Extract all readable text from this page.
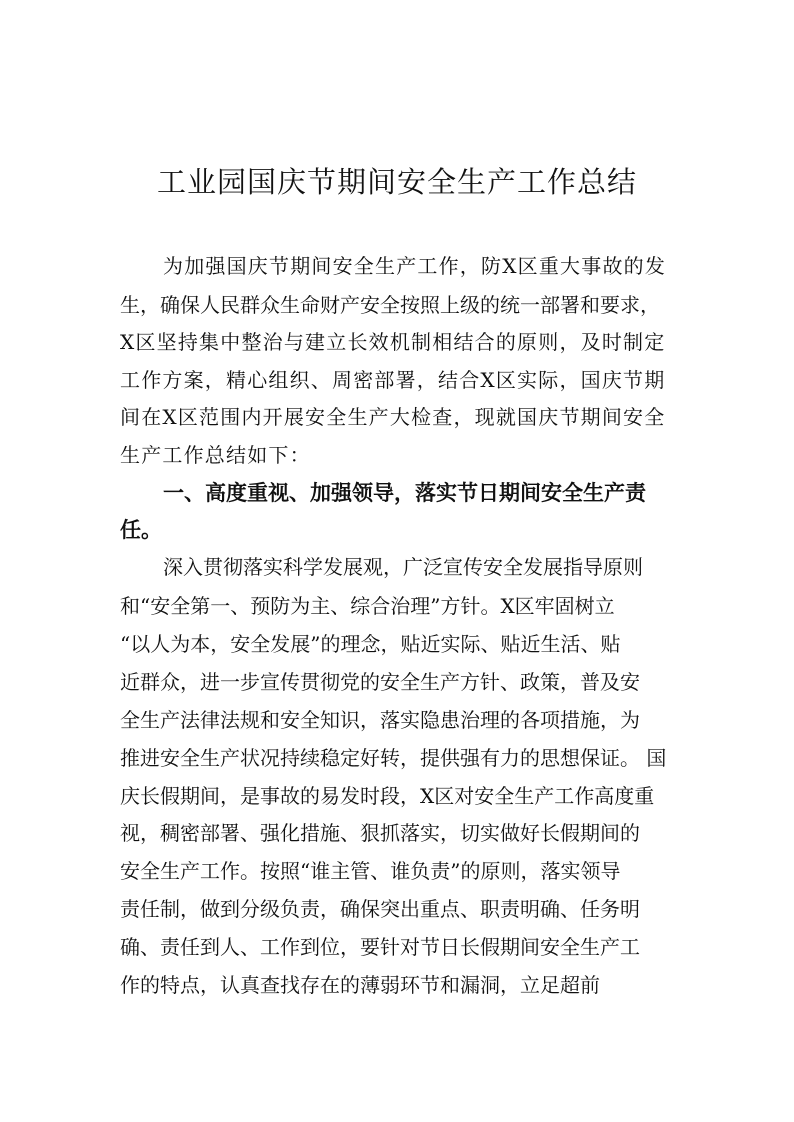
工业园国庆节期间安全生产工作总结

为加强国庆节期间安全生产工作，防X区重大事故的发

生，确保人民群众生命财产安全按照上级的统一部署和要求，

X区坚持集中整治与建立长效机制相结合的原则，及时制定

工作方案，精心组织、周密部署，结合X区实际，国庆节期

间在X区范围内开展安全生产大检查，现就国庆节期间安全

生产工作总结如下：

一、高度重视、加强领导，落实节日期间安全生产责

任。

深入贯彻落实科学发展观，广泛宣传安全发展指导原则

和“安全第一、预防为主、综合治理”方针。X区牢固树立

“以人为本，安全发展”的理念，贴近实际、贴近生活、贴

近群众，进一步宣传贯彻党的安全生产方针、政策，普及安

全生产法律法规和安全知识，落实隐患治理的各项措施，为

推进安全生产状况持续稳定好转，提供强有力的思想保证。 国

庆长假期间，是事故的易发时段，X区对安全生产工作高度重

视，稠密部署、强化措施、狠抓落实，切实做好长假期间的

安全生产工作。按照“谁主管、谁负责”的原则，落实领导

责任制，做到分级负责，确保突出重点、职责明确、任务明

确、责任到人、工作到位，要针对节日长假期间安全生产工

作的特点，认真查找存在的薄弱环节和漏洞，立足超前
